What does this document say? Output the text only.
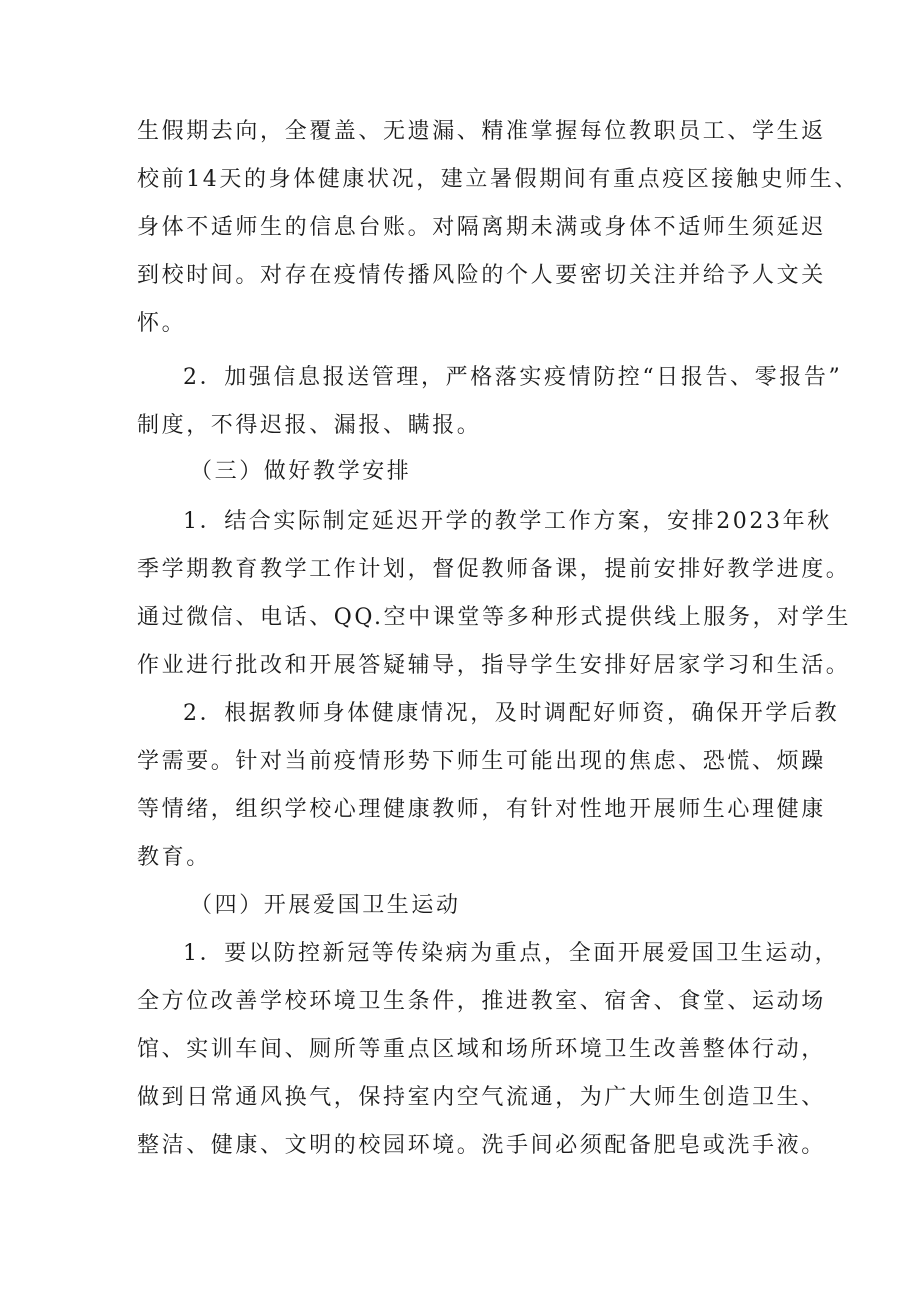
生假期去向，全覆盖、无遗漏、精准掌握每位教职员工、学生返
校前14天的身体健康状况，建立暑假期间有重点疫区接触史师生、
身体不适师生的信息台账。对隔离期未满或身体不适师生须延迟
到校时间。对存在疫情传播风险的个人要密切关注并给予人文关
怀。
2．加强信息报送管理，严格落实疫情防控“日报告、零报告”
制度，不得迟报、漏报、瞒报。
（三）做好教学安排
1．结合实际制定延迟开学的教学工作方案，安排2023年秋
季学期教育教学工作计划，督促教师备课，提前安排好教学进度。
通过微信、电话、QQ.空中课堂等多种形式提供线上服务，对学生
作业进行批改和开展答疑辅导，指导学生安排好居家学习和生活。
2．根据教师身体健康情况，及时调配好师资，确保开学后教
学需要。针对当前疫情形势下师生可能出现的焦虑、恐慌、烦躁
等情绪，组织学校心理健康教师，有针对性地开展师生心理健康
教育。
（四）开展爱国卫生运动
1．要以防控新冠等传染病为重点，全面开展爱国卫生运动，
全方位改善学校环境卫生条件，推进教室、宿舍、食堂、运动场
馆、实训车间、厕所等重点区域和场所环境卫生改善整体行动，
做到日常通风换气，保持室内空气流通，为广大师生创造卫生、
整洁、健康、文明的校园环境。洗手间必须配备肥皂或洗手液。
